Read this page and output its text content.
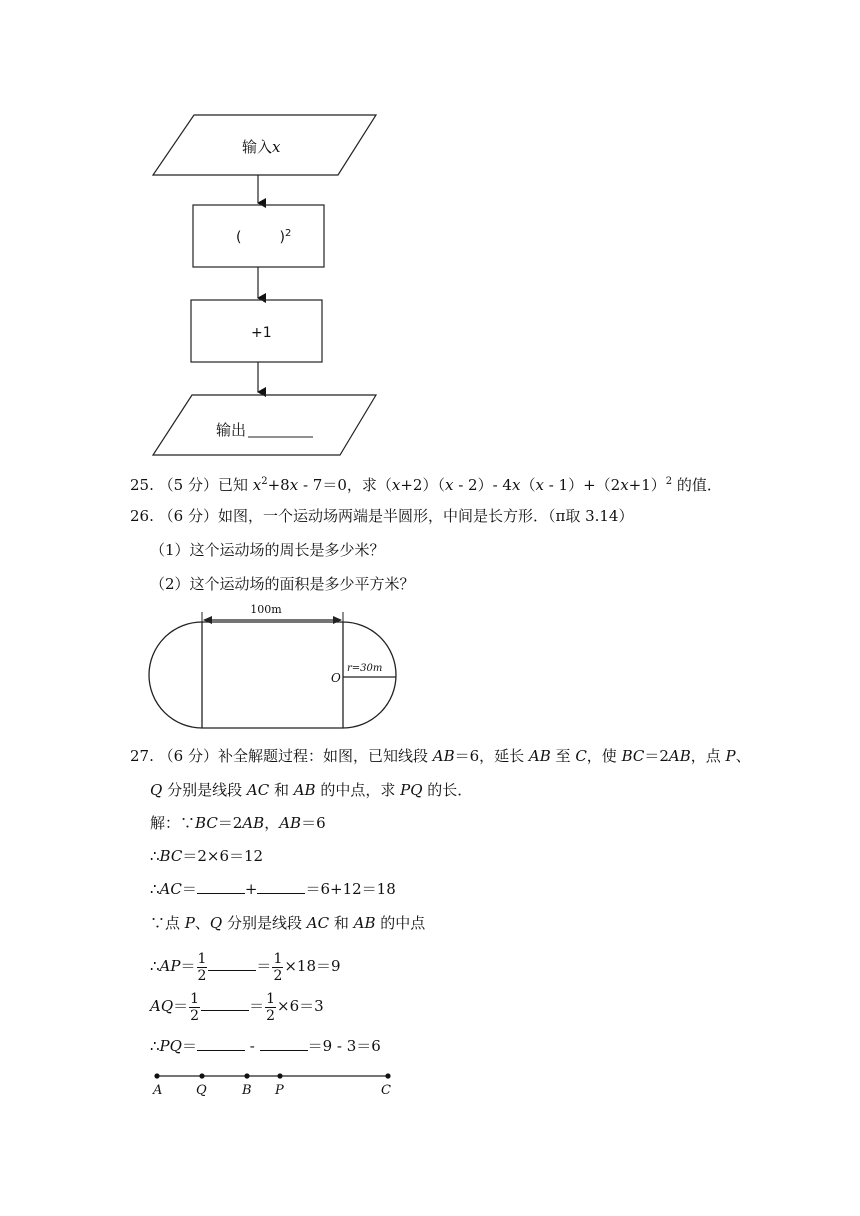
输入x
(	)$^2$
+1
输出
25. （5 分）已知 $x^2+8x - 7=0$，求（x+2）（x - 2）- $4x(x - 1)+(2x+1)^2$ 的值．
26. （6 分）如图，一个运动场两端是半圆形，中间是长方形．（π取 3.14）
（1）这个运动场的周长是多少米？
（2）这个运动场的面积是多少平方米？
100m
O
r=30m
27. （6 分）补全解题过程：如图，已知线段 AB＝6，延长 AB 至 C，使 BC＝2AB，点 P、
Q 分别是线段 AC 和 AB 的中点，求 PQ 的长．
解：∵BC＝2AB，AB＝6
∴BC＝2×6＝12
∴AC＝	+	＝6+12＝18
∵点 P、Q 分别是线段 AC 和 AB 的中点
∴AP＝ $\frac{1}{2}$	＝ $\frac{1}{2} \times 18=9$
$AQ= \frac{1}{2}$	＝ $\frac{1}{2} \times 6=3$
∴PQ＝	-	＝9 - 3＝6
A	Q	B P	C
